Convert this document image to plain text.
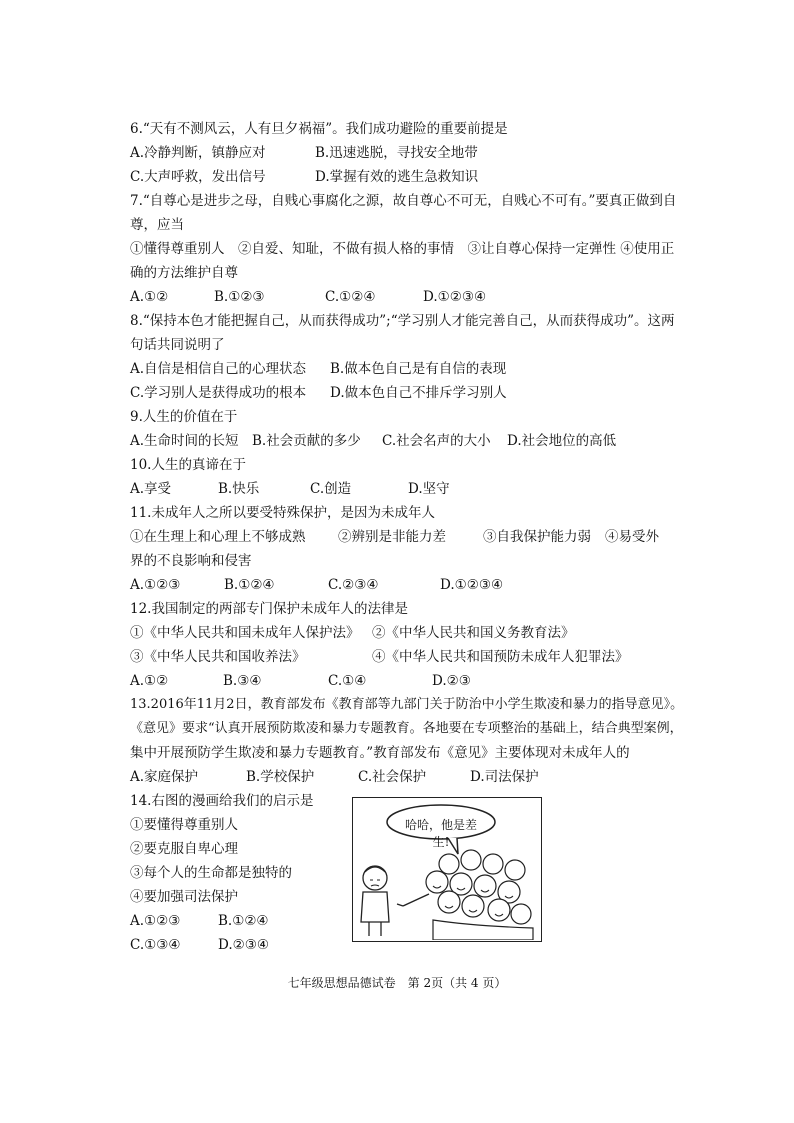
6.“天有不测风云，人有旦夕祸福”。我们成功避险的重要前提是
A.冷静判断，镇静应对	B.迅速逃脱，寻找安全地带
C.大声呼救，发出信号	D.掌握有效的逃生急救知识
7.“自尊心是进步之母，自贱心事腐化之源，故自尊心不可无，自贱心不可有。”要真正做到自
尊，应当
①懂得尊重别人　②自爱、知耻，不做有损人格的事情　③让自尊心保持一定弹性 ④使用正
确的方法维护自尊
A.①②	B.①②③	C.①②④	D.①②③④
8.“保持本色才能把握自己，从而获得成功”;“学习别人才能完善自己，从而获得成功”。这两
句话共同说明了
A.自信是相信自己的心理状态 B.做本色自己是有自信的表现
C.学习别人是获得成功的根本 D.做本色自己不排斥学习别人
9.人生的价值在于
A.生命时间的长短 B.社会贡献的多少 C.社会名声的大小 D.社会地位的高低
10.人生的真谛在于
A.享受	B.快乐	C.创造	D.坚守
11.未成年人之所以要受特殊保护，是因为未成年人
①在生理上和心理上不够成熟 ②辨别是非能力差	③自我保护能力弱 ④易受外
界的不良影响和侵害
A.①②③	B.①②④	C.②③④	D.①②③④
12.我国制定的两部专门保护未成年人的法律是
①《中华人民共和国未成年人保护法》 ②《中华人民共和国义务教育法》
③《中华人民共和国收养法》	④《中华人民共和国预防未成年人犯罪法》
A.①②	B.③④	C.①④	D.②③
13.2016年11月2日，教育部发布《教育部等九部门关于防治中小学生欺凌和暴力的指导意见》。
《意见》要求“认真开展预防欺凌和暴力专题教育。各地要在专项整治的基础上，结合典型案例，
集中开展预防学生欺凌和暴力专题教育。”教育部发布《意见》主要体现对未成年人的
A.家庭保护	B.学校保护	C.社会保护	D.司法保护
14.右图的漫画给我们的启示是
①要懂得尊重别人
②要克服自卑心理
③每个人的生命都是独特的
④要加强司法保护
A.①②③	B.①②④
C.①③④	D.②③④
哈哈，他是差生!
七年级思想品德试卷　第 2页（共 4 页）
